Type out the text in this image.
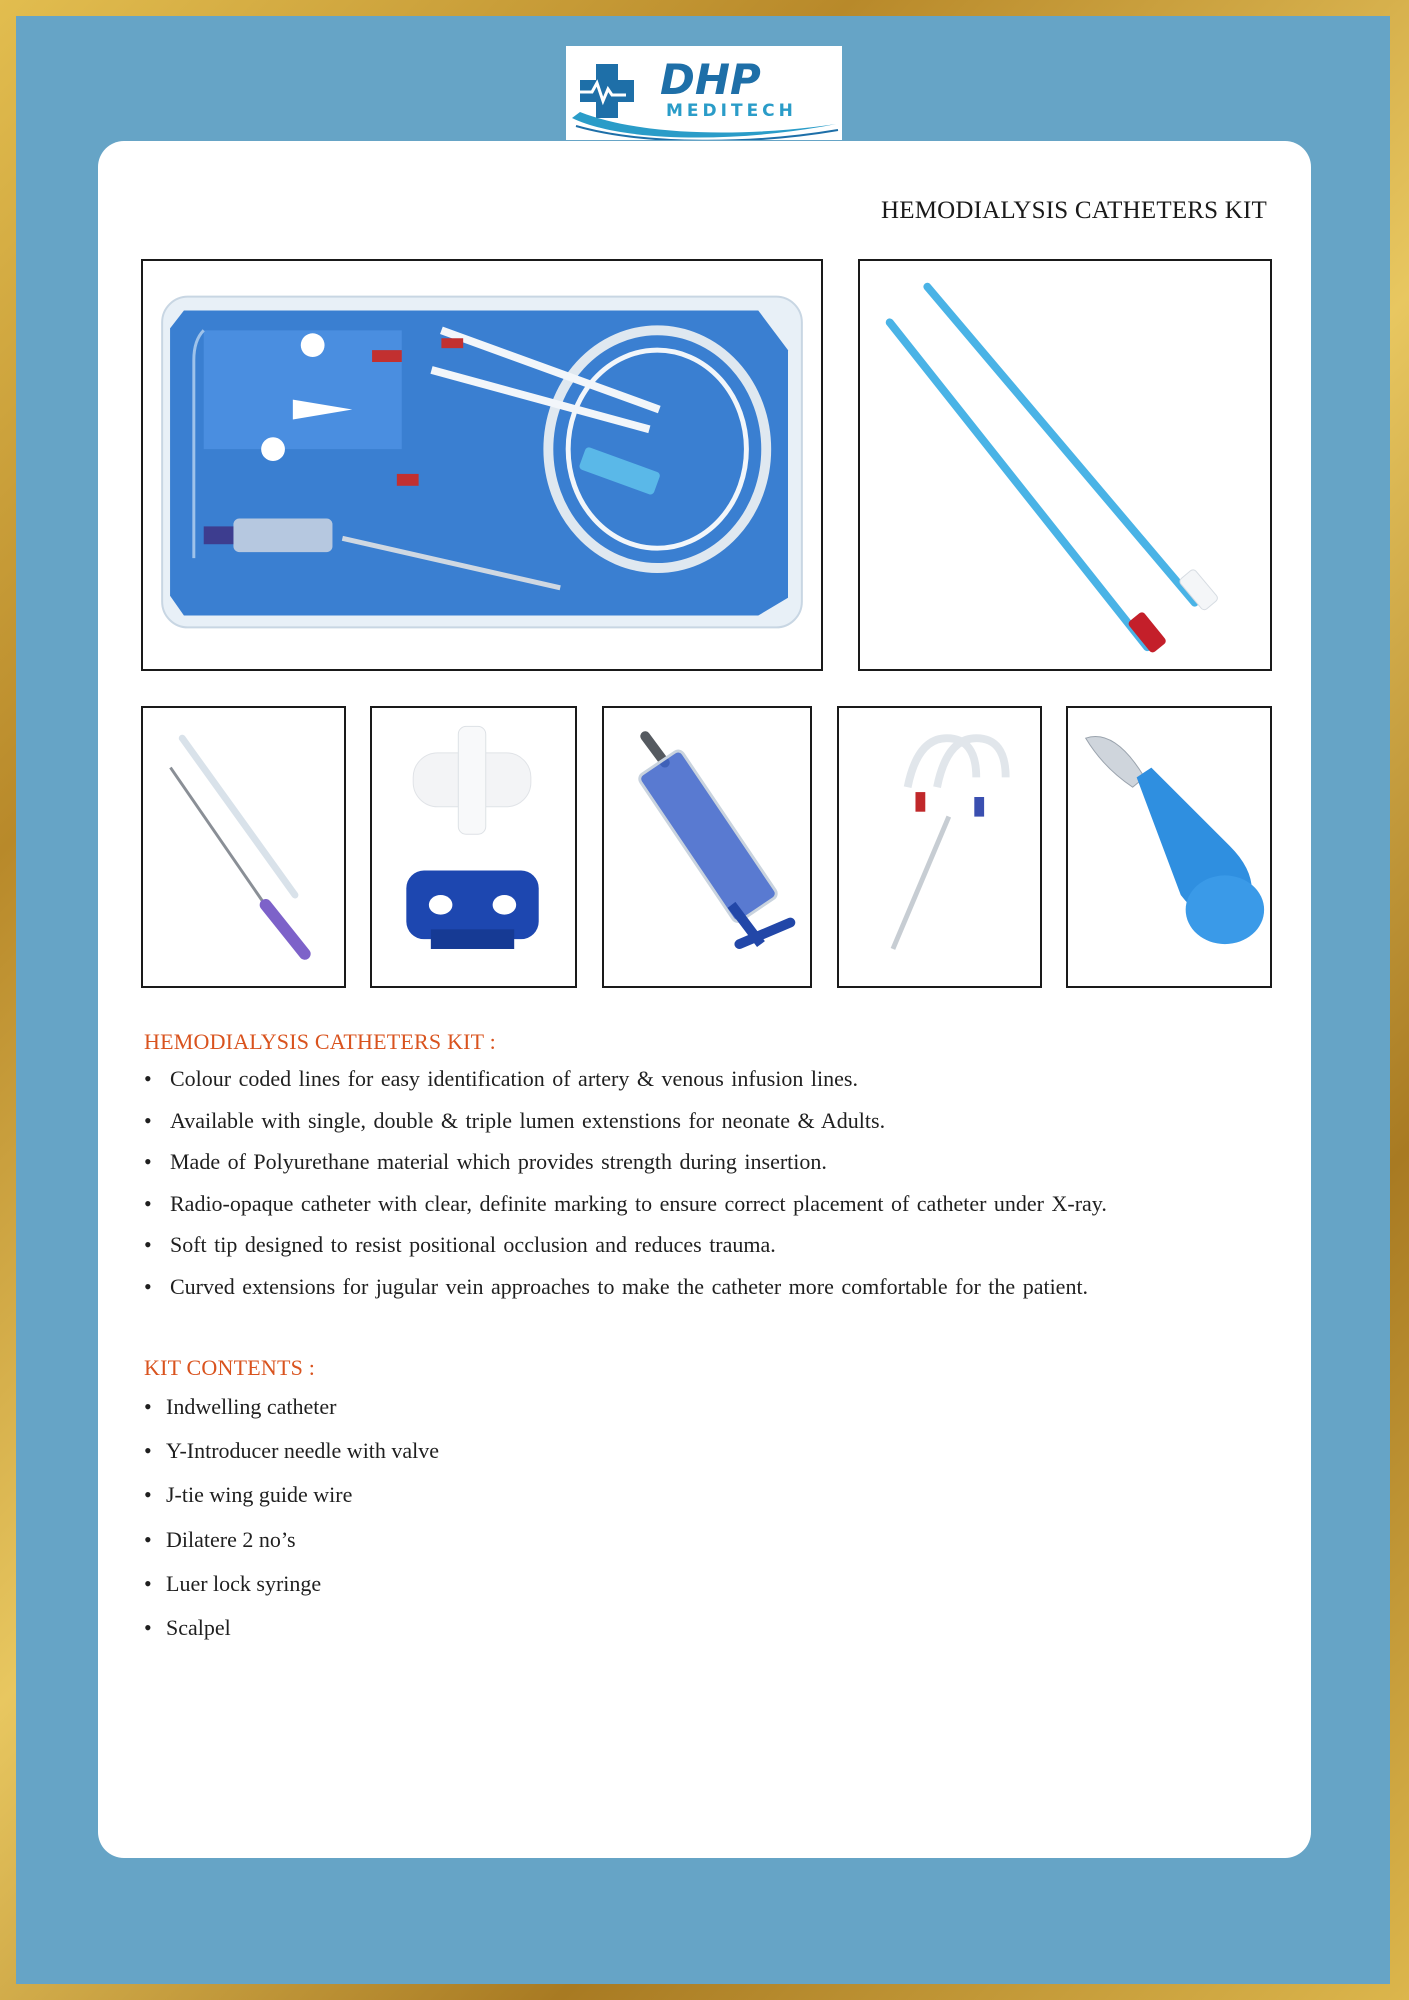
DHP
MEDITECH
HEMODIALYSIS CATHETERS KIT
HEMODIALYSIS CATHETERS KIT :
• Colour coded lines for easy identification of artery & venous infusion lines.
• Available with single, double & triple lumen extenstions for neonate & Adults.
• Made of Polyurethane material which provides strength during insertion.
• Radio-opaque catheter with clear, definite marking to ensure correct placement of catheter under X-ray.
• Soft tip designed to resist positional occlusion and reduces trauma.
• Curved extensions for jugular vein approaches to make the catheter more comfortable for the patient.
KIT CONTENTS :
• Indwelling catheter
• Y-Introducer needle with valve
• J-tie wing guide wire
• Dilatere 2 no’s
• Luer lock syringe
• Scalpel
